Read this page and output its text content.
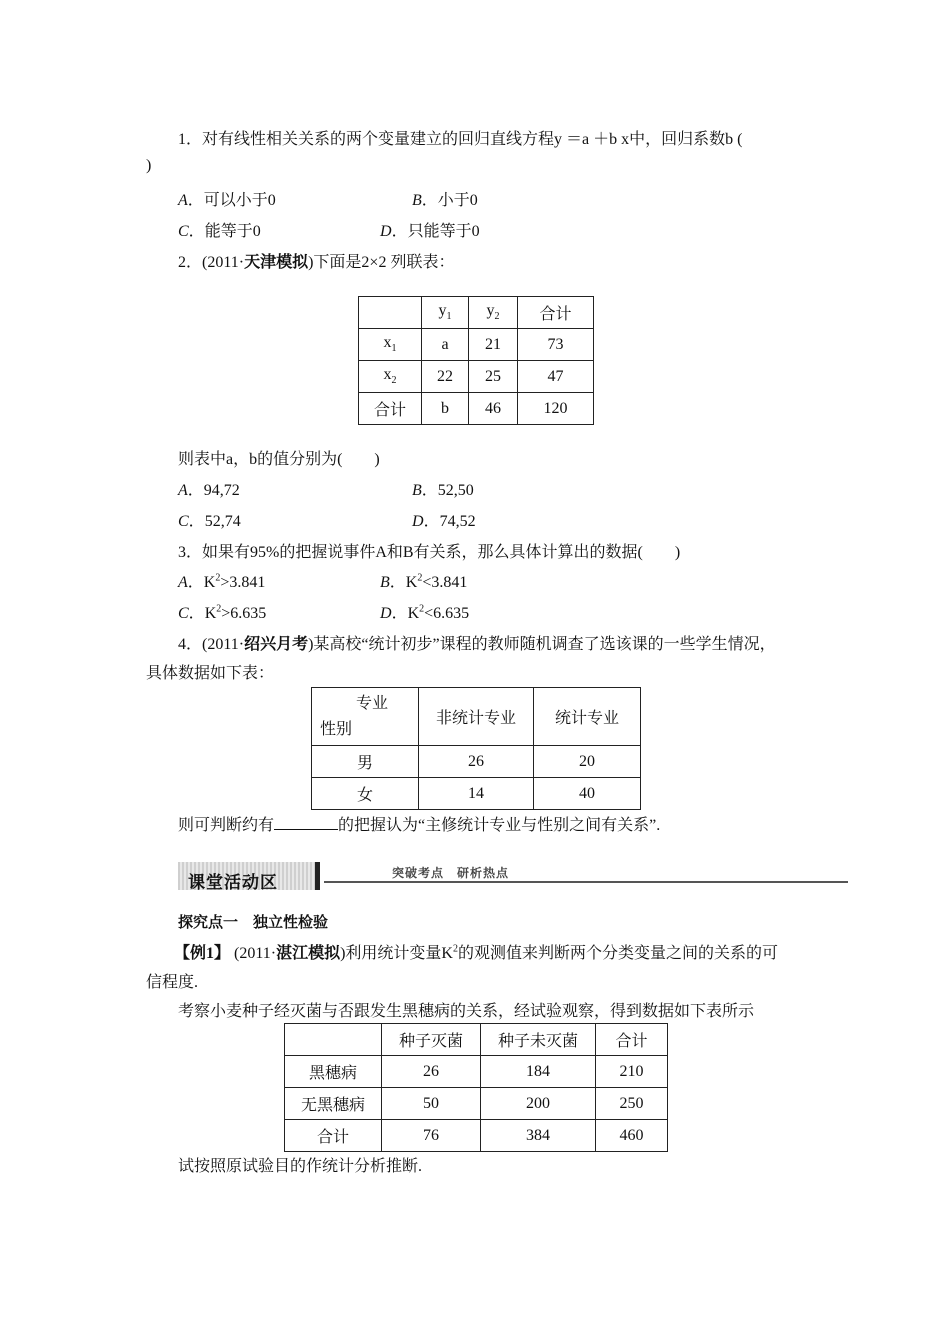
1．对有线性相关关系的两个变量建立的回归直线方程y ＝a ＋b x中，回归系数b (
)
A．可以小于0	B．小于0
C．能等于0	D．只能等于0
2．(2011·天津模拟)下面是2×2 列联表：
	$y_1$	$y_2$	合计
$x_1$	a	21	73
$x_2$	22	25	47
合计	b	46	120
则表中a，b的值分别为(　　)
A．94,72	B．52,50
C．52,74	D．74,52
3．如果有95%的把握说事件A和B有关系，那么具体计算出的数据(　　)
A．$K^2>3.841$	B．$K^2<3.841$
C．$K^2>6.635$	D．$K^2<6.635$
4．(2011·绍兴月考)某高校“统计初步”课程的教师随机调查了选该课的一些学生情况，
具体数据如下表：
专业
性别	非统计专业	统计专业
男	26	20
女	14	40
则可判断约有	的把握认为“主修统计专业与性别之间有关系”.
课堂活动区	突破考点　研析热点
探究点一　独立性检验
【例1】 (2011·湛江模拟)利用统计变量$K^2$的观测值来判断两个分类变量之间的关系的可
信程度.
考察小麦种子经灭菌与否跟发生黑穗病的关系，经试验观察，得到数据如下表所示
	种子灭菌	种子未灭菌	合计
黑穗病	26	184	210
无黑穗病	50	200	250
合计	76	384	460
试按照原试验目的作统计分析推断.
